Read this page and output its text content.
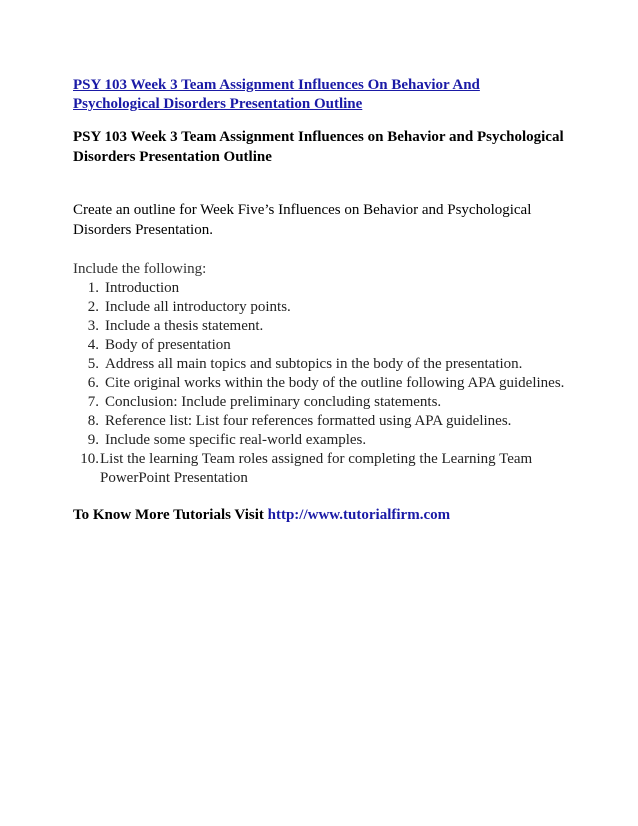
PSY 103 Week 3 Team Assignment Influences On Behavior And
Psychological Disorders Presentation Outline

PSY 103 Week 3 Team Assignment Influences on Behavior and Psychological Disorders Presentation Outline

Create an outline for Week Five’s Influences on Behavior and Psychological Disorders Presentation.

Include the following:

1. Introduction
2. Include all introductory points.
3. Include a thesis statement.
4. Body of presentation
5. Address all main topics and subtopics in the body of the presentation.
6. Cite original works within the body of the outline following APA guidelines.
7. Conclusion: Include preliminary concluding statements.
8. Reference list: List four references formatted using APA guidelines.
9. Include some specific real-world examples.
10. List the learning Team roles assigned for completing the Learning Team PowerPoint Presentation

To Know More Tutorials Visit http://www.tutorialfirm.com
